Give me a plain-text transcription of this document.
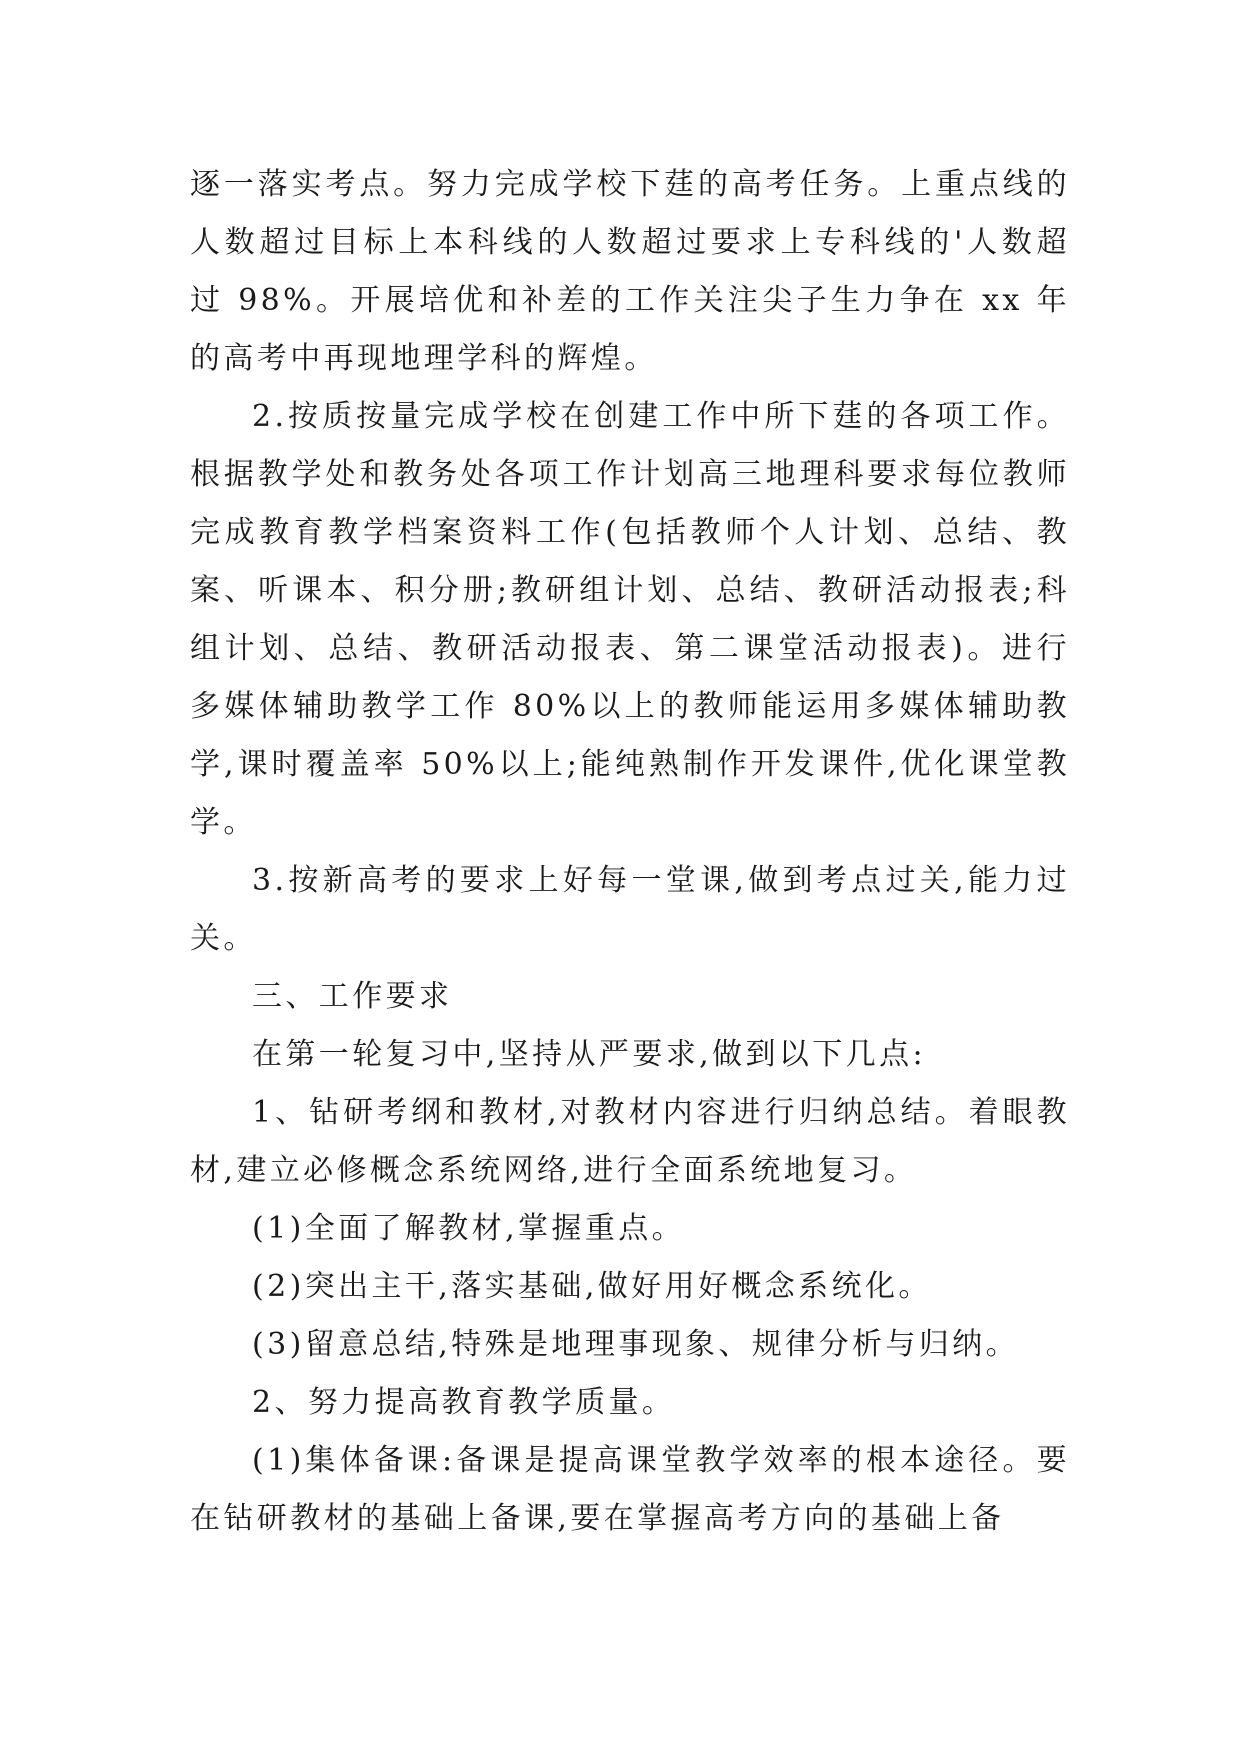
逐一落实考点。努力完成学校下莛的高考任务。上重点线的人数超过目标上本科线的人数超过要求上专科线的'人数超过 98%。开展培优和补差的工作关注尖子生力争在 xx 年的高考中再现地理学科的辉煌。

2.按质按量完成学校在创建工作中所下莛的各项工作。根据教学处和教务处各项工作计划高三地理科要求每位教师完成教育教学档案资料工作(包括教师个人计划、总结、教案、听课本、积分册;教研组计划、总结、教研活动报表;科组计划、总结、教研活动报表、第二课堂活动报表)。进行多媒体辅助教学工作 80%以上的教师能运用多媒体辅助教学,课时覆盖率 50%以上;能纯熟制作开发课件,优化课堂教学。

3.按新高考的要求上好每一堂课,做到考点过关,能力过关。

三、工作要求

在第一轮复习中,坚持从严要求,做到以下几点:

1、钻研考纲和教材,对教材内容进行归纳总结。着眼教材,建立必修概念系统网络,进行全面系统地复习。

(1)全面了解教材,掌握重点。

(2)突出主干,落实基础,做好用好概念系统化。

(3)留意总结,特殊是地理事现象、规律分析与归纳。

2、努力提高教育教学质量。

(1)集体备课:备课是提高课堂教学效率的根本途径。要在钻研教材的基础上备课,要在掌握高考方向的基础上备
